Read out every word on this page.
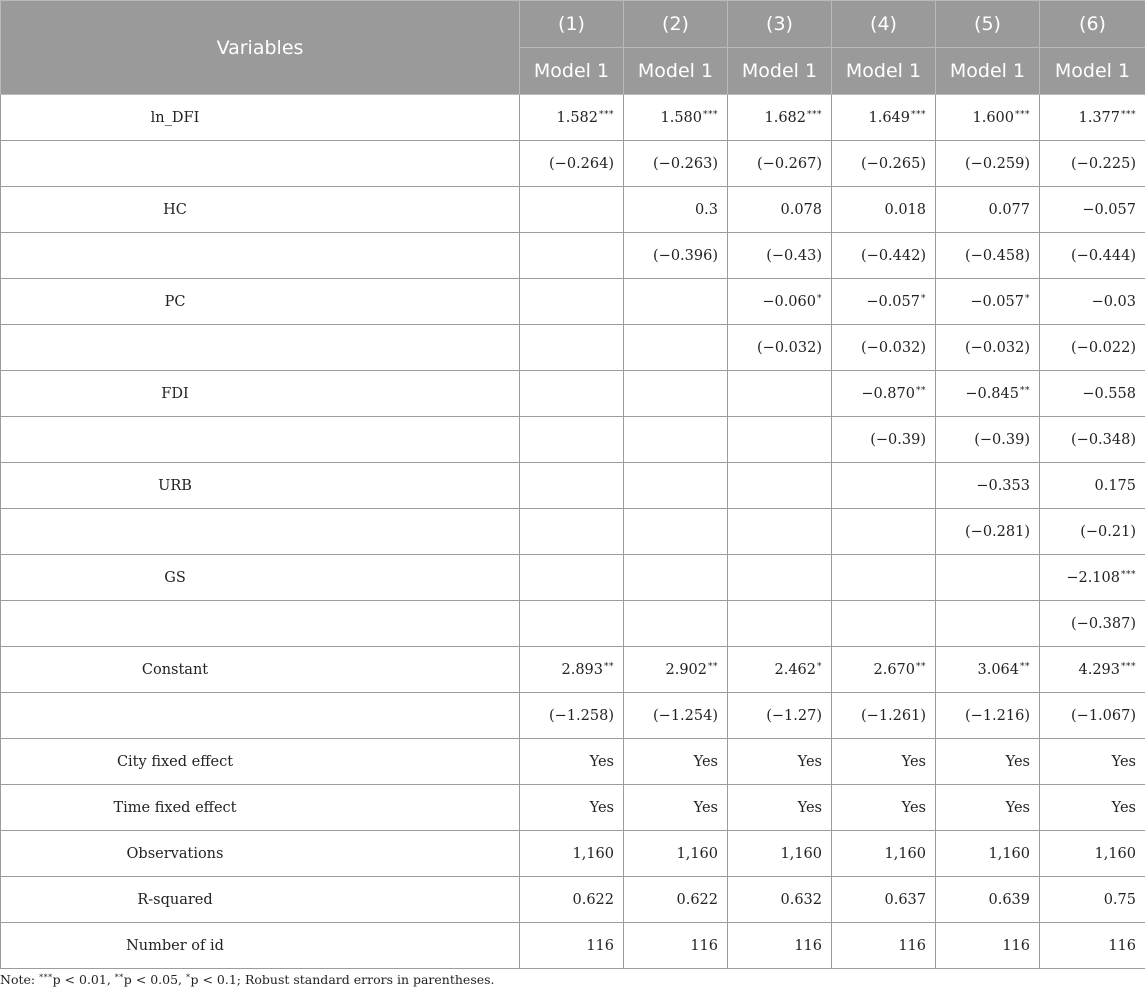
Variables	(1)	(2)	(3)	(4)	(5)	(6)
	Model 1	Model 1	Model 1	Model 1	Model 1	Model 1
ln_DFI	1.582***	1.580***	1.682***	1.649***	1.600***	1.377***
	(−0.264)	(−0.263)	(−0.267)	(−0.265)	(−0.259)	(−0.225)
HC		0.3	0.078	0.018	0.077	−0.057
		(−0.396)	(−0.43)	(−0.442)	(−0.458)	(−0.444)
PC			−0.060*	−0.057*	−0.057*	−0.03
			(−0.032)	(−0.032)	(−0.032)	(−0.022)
FDI				−0.870**	−0.845**	−0.558
				(−0.39)	(−0.39)	(−0.348)
URB					−0.353	0.175
					(−0.281)	(−0.21)
GS						−2.108***
						(−0.387)
Constant	2.893**	2.902**	2.462*	2.670**	3.064**	4.293***
	(−1.258)	(−1.254)	(−1.27)	(−1.261)	(−1.216)	(−1.067)
City fixed effect	Yes	Yes	Yes	Yes	Yes	Yes
Time fixed effect	Yes	Yes	Yes	Yes	Yes	Yes
Observations	1,160	1,160	1,160	1,160	1,160	1,160
R-squared	0.622	0.622	0.632	0.637	0.639	0.75
Number of id	116	116	116	116	116	116
Note: ***p < 0.01, **p < 0.05, *p < 0.1; Robust standard errors in parentheses.
